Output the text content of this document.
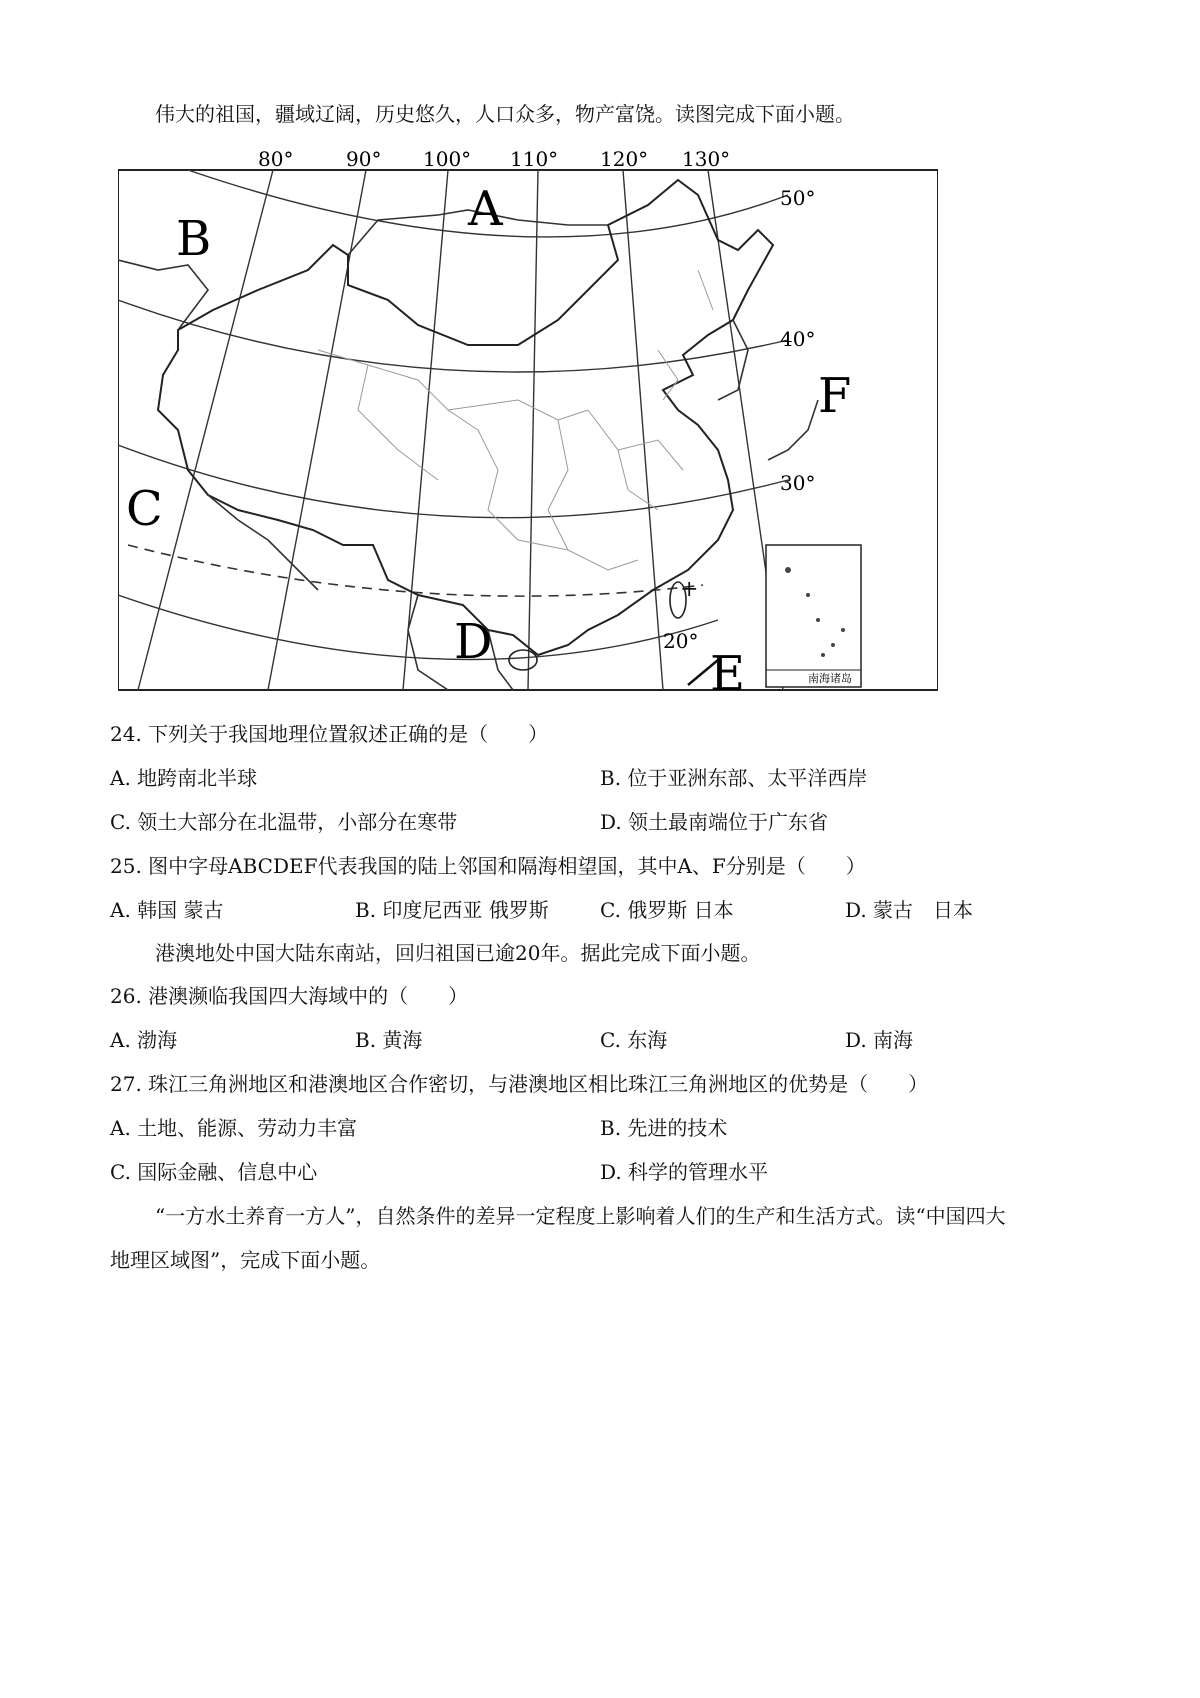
伟大的祖国，疆域辽阔，历史悠久，人口众多，物产富饶。读图完成下面小题。
+
80°	90° 100° 110° 120° 130°
50°
40°
30°
20°
A
B
C
D
E
F
南海诸岛
24. 下列关于我国地理位置叙述正确的是（　　）
A. 地跨南北半球	B. 位于亚洲东部、太平洋西岸
C. 领土大部分在北温带，小部分在寒带	D. 领土最南端位于广东省
25. 图中字母ABCDEF代表我国的陆上邻国和隔海相望国，其中A、F分别是（　　）
A. 韩国 蒙古	B. 印度尼西亚 俄罗斯	C. 俄罗斯 日本	D. 蒙古　日本
港澳地处中国大陆东南站，回归祖国已逾20年。据此完成下面小题。
26. 港澳濒临我国四大海域中的（　　）
A. 渤海	B. 黄海	C. 东海	D. 南海
27. 珠江三角洲地区和港澳地区合作密切，与港澳地区相比珠江三角洲地区的优势是（　　）
A. 土地、能源、劳动力丰富	B. 先进的技术
C. 国际金融、信息中心	D. 科学的管理水平
“一方水土养育一方人”，自然条件的差异一定程度上影响着人们的生产和生活方式。读“中国四大
地理区域图”，完成下面小题。
